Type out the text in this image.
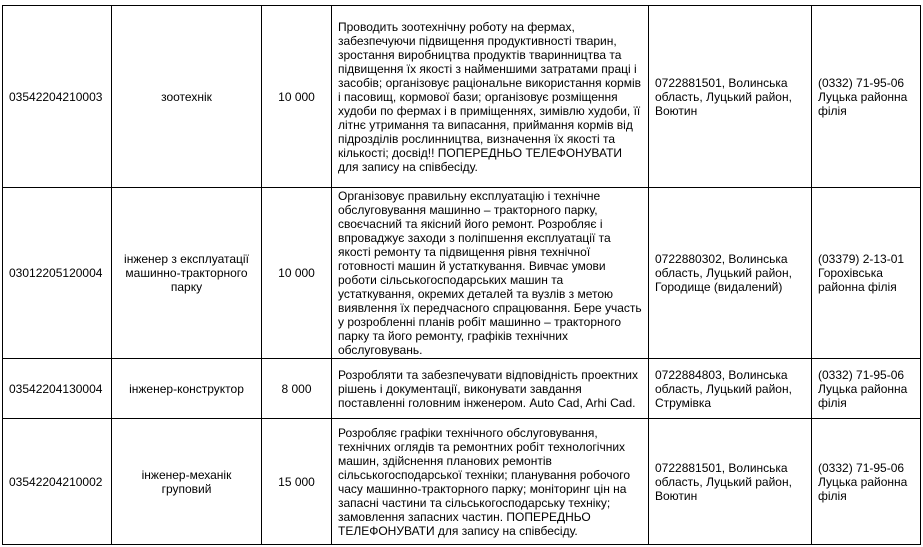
03542204210003	зоотехнік	10 000	Проводить зоотехнічну роботу на фермах, забезпечуючи підвищення продуктивності тварин, зростання виробництва продуктів тваринництва та підвищення їх якості з найменшими затратами праці і засобів; організовує раціональне використання кормів і пасовищ, кормової бази; організовує розміщення худоби по фермах і в приміщеннях, зимівлю худоби, її літнє утримання та випасання, приймання кормів від підрозділів рослинництва, визначення їх якості та кількості; досвід!! ПОПЕРЕДНЬО ТЕЛЕФОНУВАТИ для запису на співбесіду.	0722881501, Волинська область, Луцький район, Воютин	(0332) 71-95-06 Луцька районна філія
03012205120004	інженер з експлуатації машинно-тракторного парку	10 000	Організовує правильну експлуатацію і технічне обслуговування машинно – тракторного парку, своєчасний та якісний його ремонт. Розробляє і впроваджує заходи з поліпшення експлуатації та якості ремонту та підвищення рівня технічної готовності машин й устаткування. Вивчає умови роботи сільськогосподарських машин та устаткування, окремих деталей та вузлів з метою виявлення їх передчасного спрацювання. Бере участь у розробленні планів робіт машинно – тракторного парку та його ремонту, графіків технічних обслуговувань.	0722880302, Волинська область, Луцький район, Городище (видалений)	(03379) 2-13-01 Горохівська районна філія
03542204130004	інженер-конструктор	8 000	Розробляти та забезпечувати відповідність проектних рішень і документації, виконувати завдання поставленні головним інженером. Auto Cad, Arhi Cad.	0722884803, Волинська область, Луцький район, Струмівка	(0332) 71-95-06 Луцька районна філія
03542204210002	інженер-механік груповий	15 000	Розробляє графіки технічного обслуговування, технічних оглядів та ремонтних робіт технологічних машин, здійснення планових ремонтів сільськогосподарської техніки; планування робочого часу машинно-тракторного парку; моніторинг цін на запасні частини та сільськогосподарську техніку; замовлення запасних частин. ПОПЕРЕДНЬО ТЕЛЕФОНУВАТИ для запису на співбесіду.	0722881501, Волинська область, Луцький район, Воютин	(0332) 71-95-06 Луцька районна філія
